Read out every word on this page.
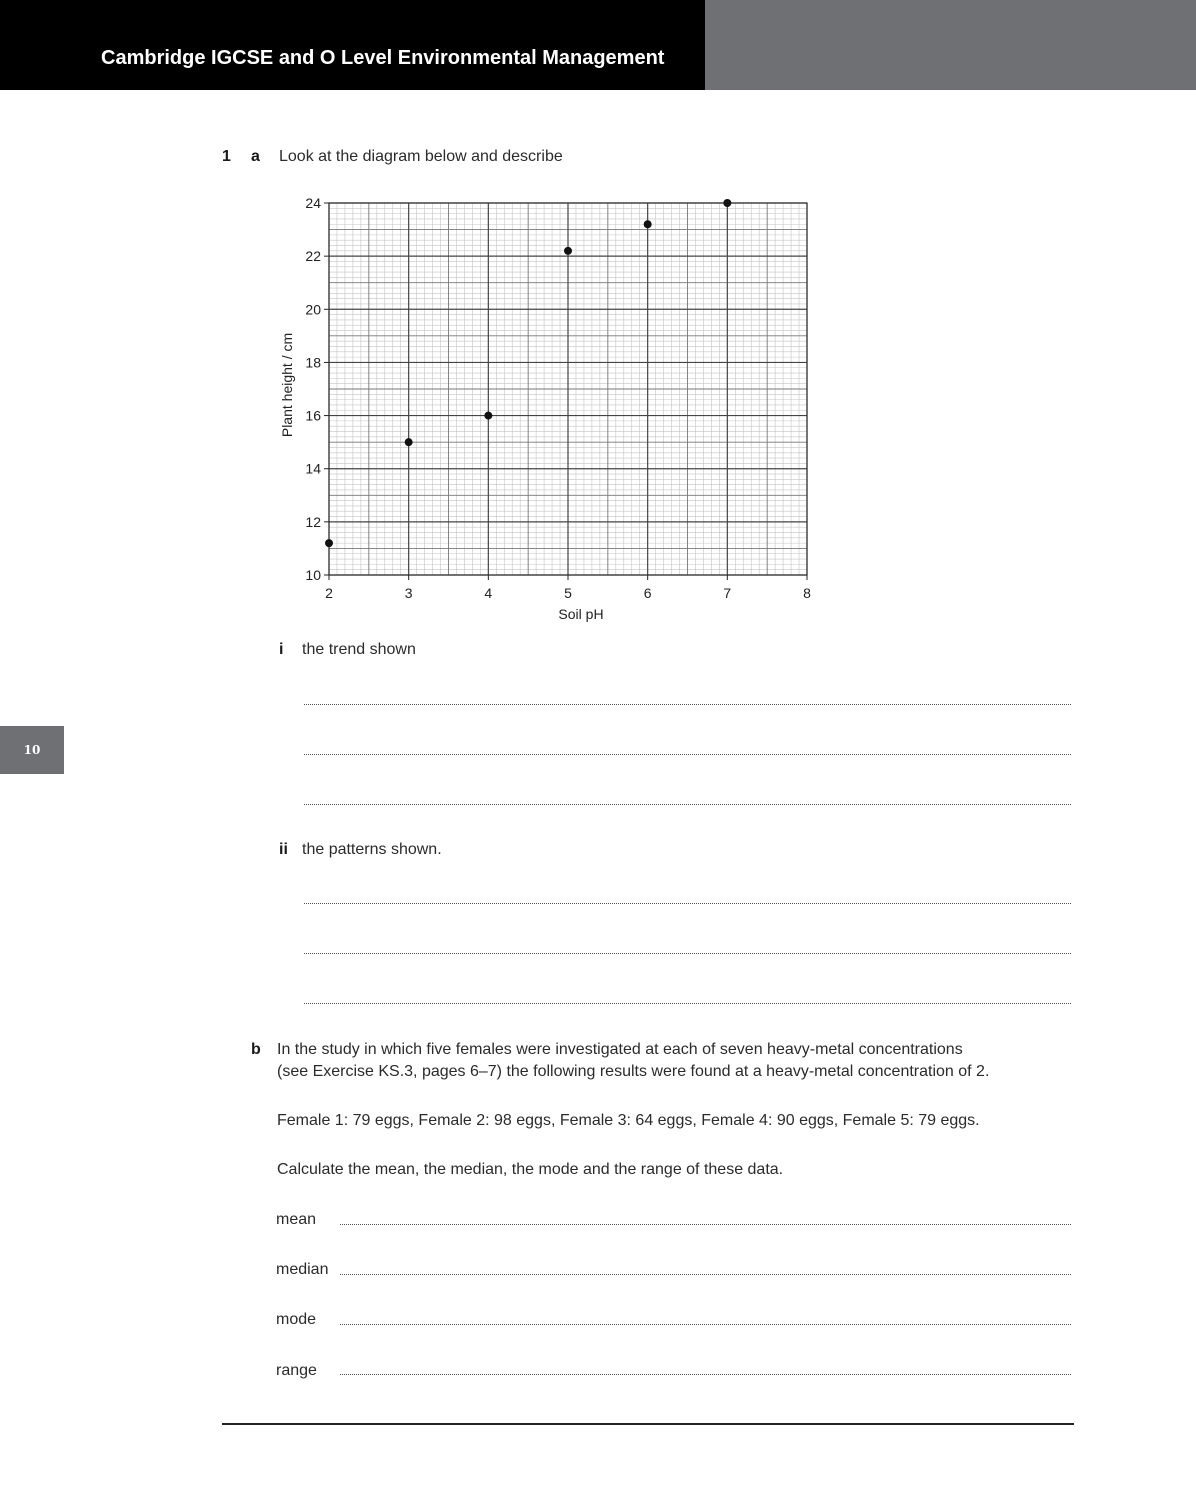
Cambridge IGCSE and O Level Environmental Management
10
1 a Look at the diagram below and describe
2	3	4	5	6	7	8
10
12
14
16
18
20
22
24
Soil pH
Plant height / cm
i the trend shown
ii the patterns shown.
b In the study in which five females were investigated at each of seven heavy-metal concentrations
(see Exercise KS.3, pages 6–7) the following results were found at a heavy-metal concentration of 2.
Female 1: 79 eggs, Female 2: 98 eggs, Female 3: 64 eggs, Female 4: 90 eggs, Female 5: 79 eggs.
Calculate the mean, the median, the mode and the range of these data.
mean
median
mode
range
